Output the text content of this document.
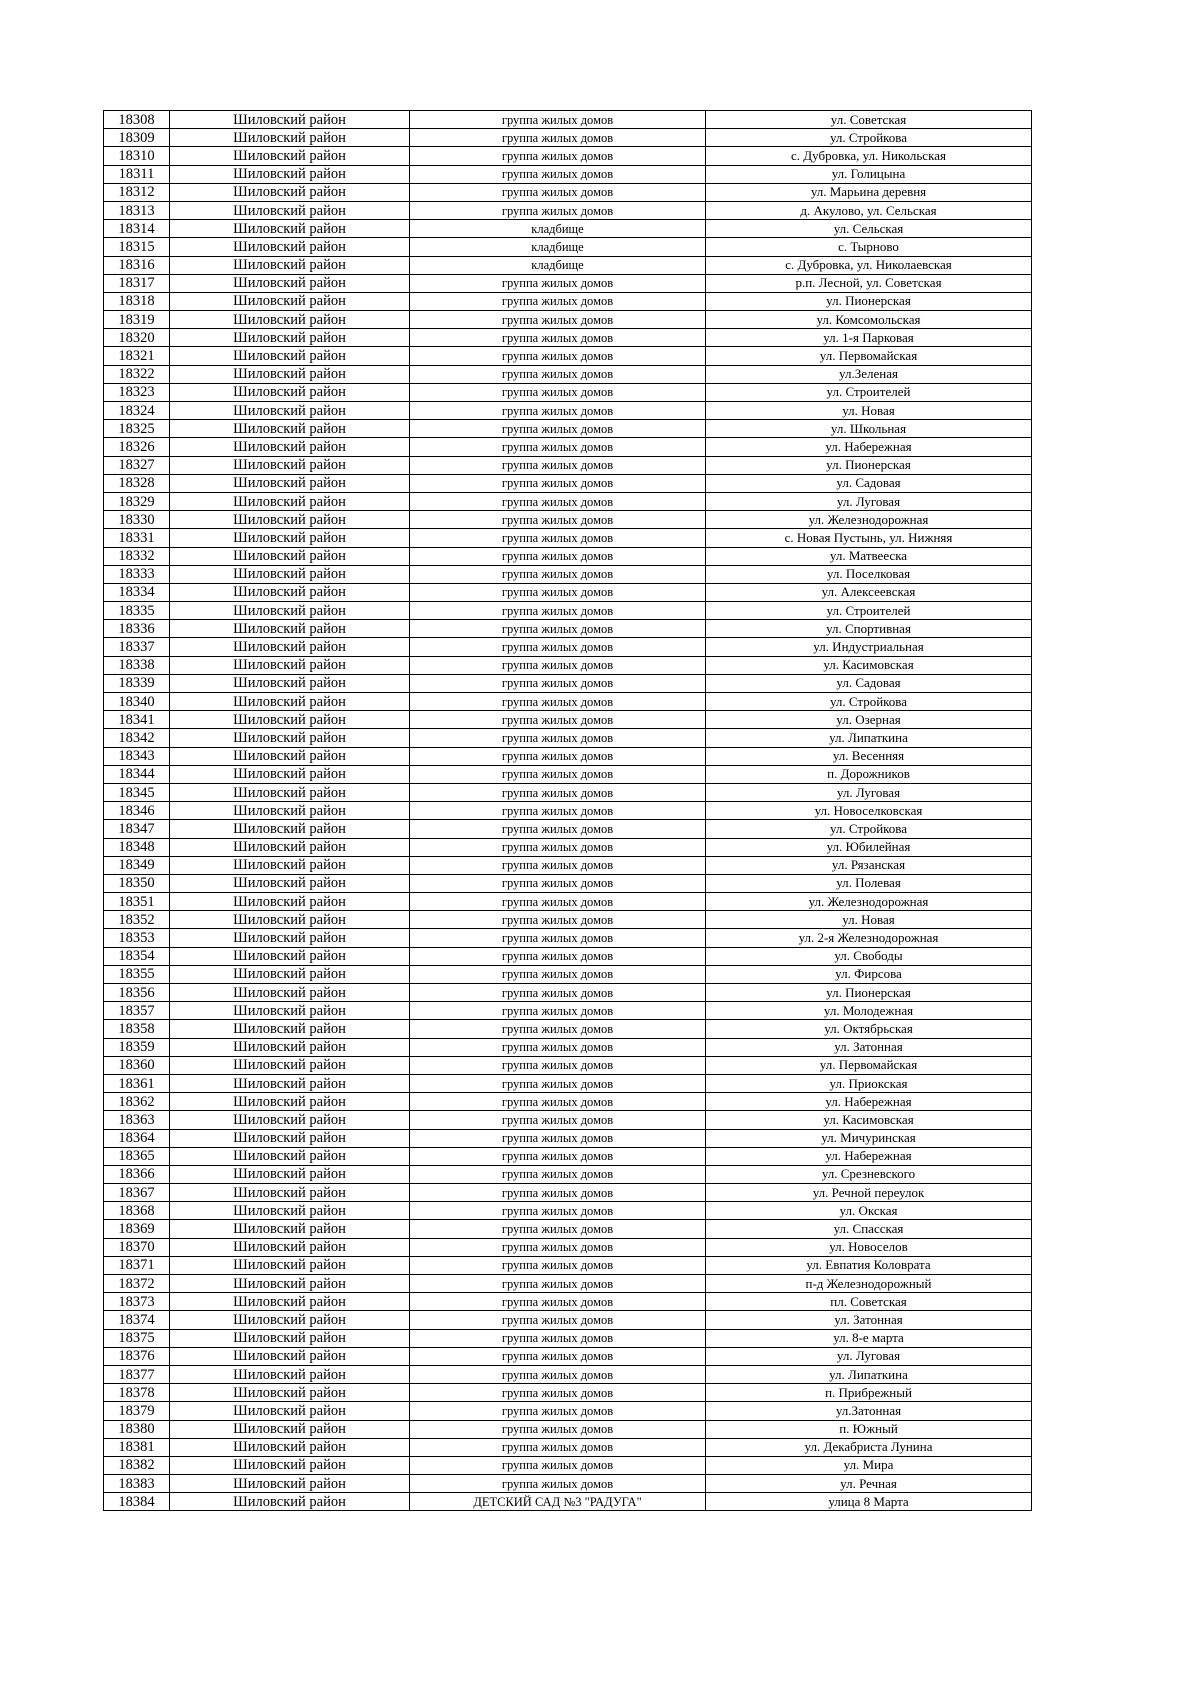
18308	Шиловский район	группа жилых домов	ул. Советская
18309	Шиловский район	группа жилых домов	ул. Стройкова
18310	Шиловский район	группа жилых домов	с. Дубровка, ул. Никольская
18311	Шиловский район	группа жилых домов	ул. Голицына
18312	Шиловский район	группа жилых домов	ул. Марьина деревня
18313	Шиловский район	группа жилых домов	д. Акулово, ул. Сельская
18314	Шиловский район	кладбище	ул. Сельская
18315	Шиловский район	кладбище	с. Тырново
18316	Шиловский район	кладбище	с. Дубровка, ул. Николаевская
18317	Шиловский район	группа жилых домов	р.п. Лесной, ул. Советская
18318	Шиловский район	группа жилых домов	ул. Пионерская
18319	Шиловский район	группа жилых домов	ул. Комсомольская
18320	Шиловский район	группа жилых домов	ул. 1-я Парковая
18321	Шиловский район	группа жилых домов	ул. Первомайская
18322	Шиловский район	группа жилых домов	ул.Зеленая
18323	Шиловский район	группа жилых домов	ул. Строителей
18324	Шиловский район	группа жилых домов	ул. Новая
18325	Шиловский район	группа жилых домов	ул. Школьная
18326	Шиловский район	группа жилых домов	ул. Набережная
18327	Шиловский район	группа жилых домов	ул. Пионерская
18328	Шиловский район	группа жилых домов	ул. Садовая
18329	Шиловский район	группа жилых домов	ул. Луговая
18330	Шиловский район	группа жилых домов	ул. Железнодорожная
18331	Шиловский район	группа жилых домов	с. Новая Пустынь, ул. Нижняя
18332	Шиловский район	группа жилых домов	ул. Матвееска
18333	Шиловский район	группа жилых домов	ул. Поселковая
18334	Шиловский район	группа жилых домов	ул. Алексеевская
18335	Шиловский район	группа жилых домов	ул. Строителей
18336	Шиловский район	группа жилых домов	ул. Спортивная
18337	Шиловский район	группа жилых домов	ул. Индустриальная
18338	Шиловский район	группа жилых домов	ул. Касимовская
18339	Шиловский район	группа жилых домов	ул. Садовая
18340	Шиловский район	группа жилых домов	ул. Стройкова
18341	Шиловский район	группа жилых домов	ул. Озерная
18342	Шиловский район	группа жилых домов	ул. Липаткина
18343	Шиловский район	группа жилых домов	ул. Весенняя
18344	Шиловский район	группа жилых домов	п. Дорожников
18345	Шиловский район	группа жилых домов	ул. Луговая
18346	Шиловский район	группа жилых домов	ул. Новоселковская
18347	Шиловский район	группа жилых домов	ул. Стройкова
18348	Шиловский район	группа жилых домов	ул. Юбилейная
18349	Шиловский район	группа жилых домов	ул. Рязанская
18350	Шиловский район	группа жилых домов	ул. Полевая
18351	Шиловский район	группа жилых домов	ул. Железнодорожная
18352	Шиловский район	группа жилых домов	ул. Новая
18353	Шиловский район	группа жилых домов	ул. 2-я Железнодорожная
18354	Шиловский район	группа жилых домов	ул. Свободы
18355	Шиловский район	группа жилых домов	ул. Фирсова
18356	Шиловский район	группа жилых домов	ул. Пионерская
18357	Шиловский район	группа жилых домов	ул. Молодежная
18358	Шиловский район	группа жилых домов	ул. Октябрьская
18359	Шиловский район	группа жилых домов	ул. Затонная
18360	Шиловский район	группа жилых домов	ул. Первомайская
18361	Шиловский район	группа жилых домов	ул. Приокская
18362	Шиловский район	группа жилых домов	ул. Набережная
18363	Шиловский район	группа жилых домов	ул. Касимовская
18364	Шиловский район	группа жилых домов	ул. Мичуринская
18365	Шиловский район	группа жилых домов	ул. Набережная
18366	Шиловский район	группа жилых домов	ул. Срезневского
18367	Шиловский район	группа жилых домов	ул. Речной переулок
18368	Шиловский район	группа жилых домов	ул. Окская
18369	Шиловский район	группа жилых домов	ул. Спасская
18370	Шиловский район	группа жилых домов	ул. Новоселов
18371	Шиловский район	группа жилых домов	ул. Евпатия Коловрата
18372	Шиловский район	группа жилых домов	п-д Железнодорожный
18373	Шиловский район	группа жилых домов	пл. Советская
18374	Шиловский район	группа жилых домов	ул. Затонная
18375	Шиловский район	группа жилых домов	ул. 8-е марта
18376	Шиловский район	группа жилых домов	ул. Луговая
18377	Шиловский район	группа жилых домов	ул. Липаткина
18378	Шиловский район	группа жилых домов	п. Прибрежный
18379	Шиловский район	группа жилых домов	ул.Затонная
18380	Шиловский район	группа жилых домов	п. Южный
18381	Шиловский район	группа жилых домов	ул. Декабриста Лунина
18382	Шиловский район	группа жилых домов	ул. Мира
18383	Шиловский район	группа жилых домов	ул. Речная
18384	Шиловский район	ДЕТСКИЙ САД №3 "РАДУГА"	улица 8 Марта
